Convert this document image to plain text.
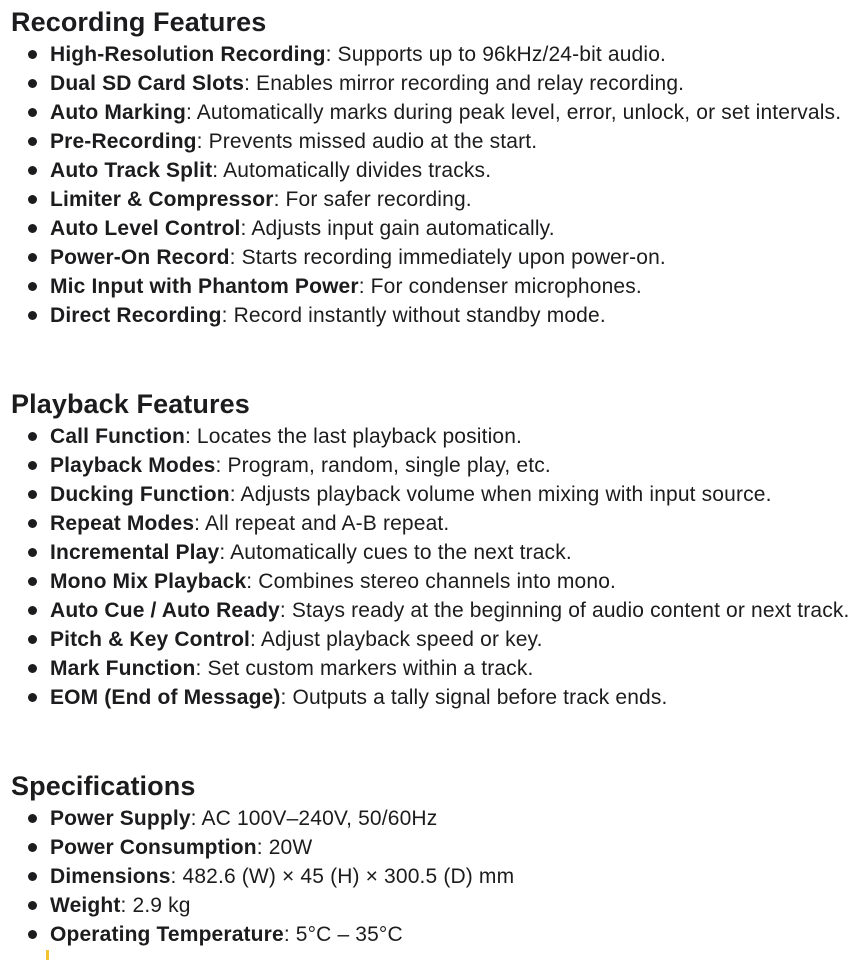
Recording Features
High-Resolution Recording: Supports up to 96kHz/24-bit audio.
Dual SD Card Slots: Enables mirror recording and relay recording.
Auto Marking: Automatically marks during peak level, error, unlock, or set intervals.
Pre-Recording: Prevents missed audio at the start.
Auto Track Split: Automatically divides tracks.
Limiter & Compressor: For safer recording.
Auto Level Control: Adjusts input gain automatically.
Power-On Record: Starts recording immediately upon power-on.
Mic Input with Phantom Power: For condenser microphones.
Direct Recording: Record instantly without standby mode.
Playback Features
Call Function: Locates the last playback position.
Playback Modes: Program, random, single play, etc.
Ducking Function: Adjusts playback volume when mixing with input source.
Repeat Modes: All repeat and A-B repeat.
Incremental Play: Automatically cues to the next track.
Mono Mix Playback: Combines stereo channels into mono.
Auto Cue / Auto Ready: Stays ready at the beginning of audio content or next track.
Pitch & Key Control: Adjust playback speed or key.
Mark Function: Set custom markers within a track.
EOM (End of Message): Outputs a tally signal before track ends.
Specifications
Power Supply: AC 100V–240V, 50/60Hz
Power Consumption: 20W
Dimensions: 482.6 (W) × 45 (H) × 300.5 (D) mm
Weight: 2.9 kg
Operating Temperature: 5°C – 35°C
